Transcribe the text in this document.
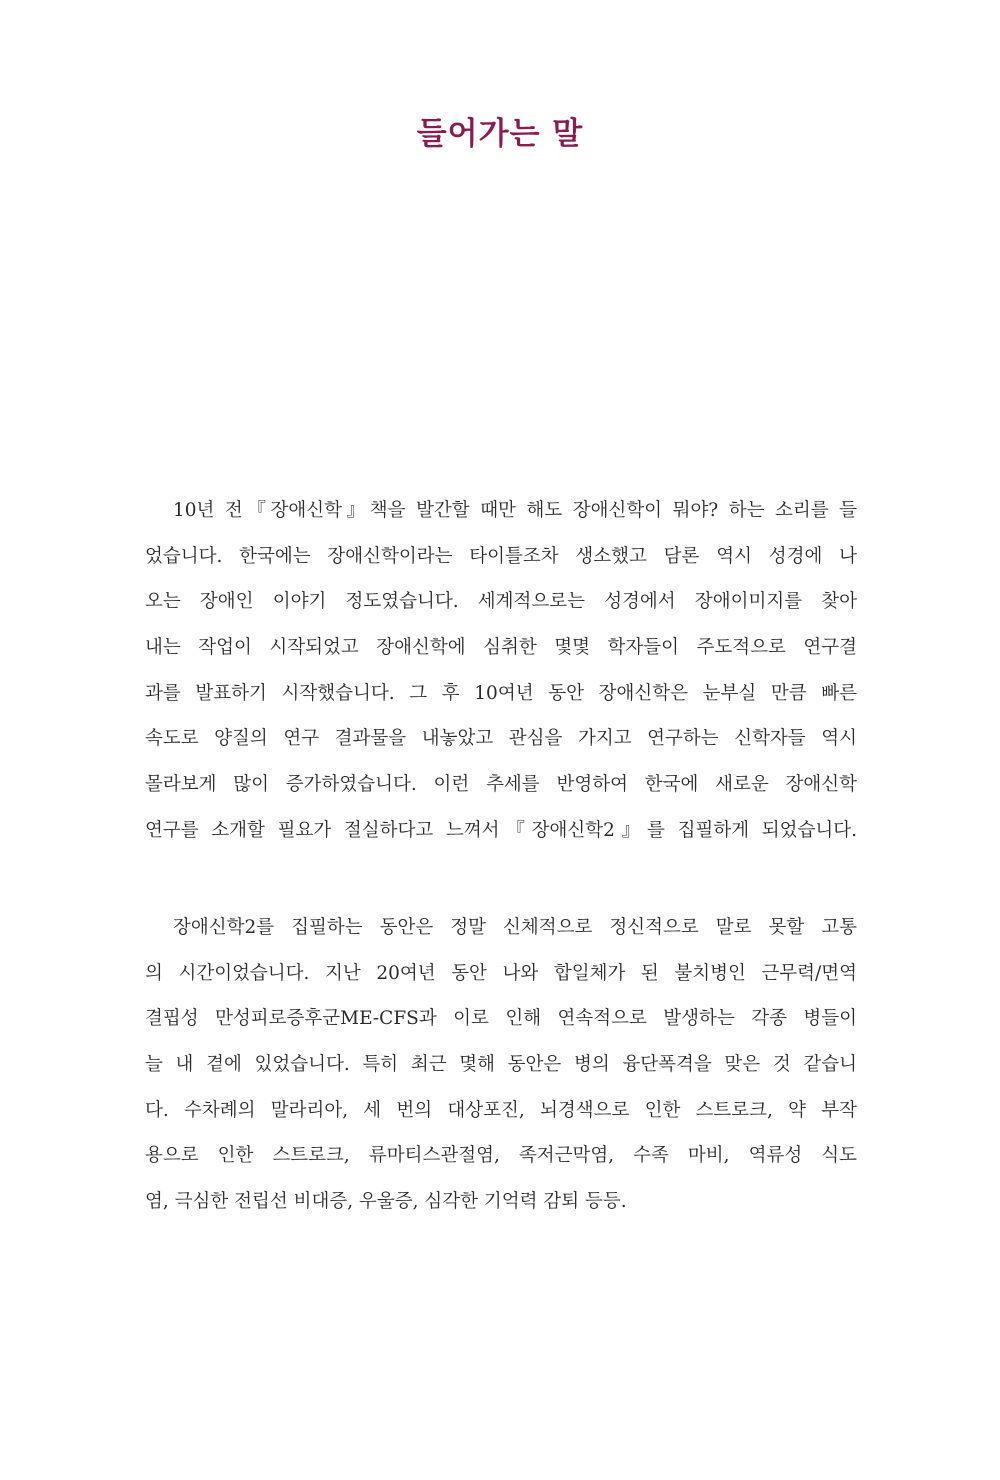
들어가는 말

10년 전『장애신학』책을 발간할 때만 해도 장애신학이 뭐야? 하는 소리를 들
었습니다. 한국에는 장애신학이라는 타이틀조차 생소했고 담론 역시 성경에 나
오는 장애인 이야기 정도였습니다. 세계적으로는 성경에서 장애이미지를 찾아
내는 작업이 시작되었고 장애신학에 심취한 몇몇 학자들이 주도적으로 연구결
과를 발표하기 시작했습니다. 그 후 10여년 동안 장애신학은 눈부실 만큼 빠른
속도로 양질의 연구 결과물을 내놓았고 관심을 가지고 연구하는 신학자들 역시
몰라보게 많이 증가하였습니다. 이런 추세를 반영하여 한국에 새로운 장애신학
연구를 소개할 필요가 절실하다고 느껴서『장애신학2』를 집필하게 되었습니다.

장애신학2를 집필하는 동안은 정말 신체적으로 정신적으로 말로 못할 고통
의 시간이었습니다. 지난 20여년 동안 나와 합일체가 된 불치병인 근무력/면역
결핍성 만성피로증후군ME-CFS과 이로 인해 연속적으로 발생하는 각종 병들이
늘 내 곁에 있었습니다. 특히 최근 몇해 동안은 병의 융단폭격을 맞은 것 같습니
다. 수차례의 말라리아, 세 번의 대상포진, 뇌경색으로 인한 스트로크, 약 부작
용으로 인한 스트로크, 류마티스관절염, 족저근막염, 수족 마비, 역류성 식도
염, 극심한 전립선 비대증, 우울증, 심각한 기억력 감퇴 등등.
